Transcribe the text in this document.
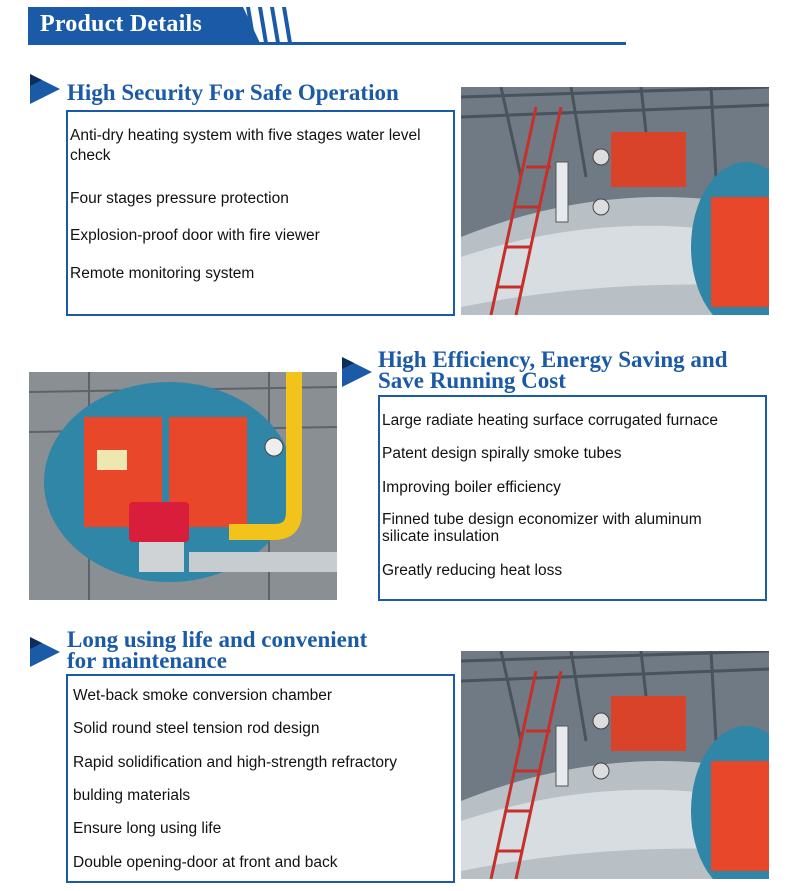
Product Details
High Security For Safe Operation
Anti-dry heating system with five stages water level check
Four stages pressure protection
Explosion-proof door with fire viewer
Remote monitoring system
High Efficiency, Energy Saving and
Save Running Cost
Large radiate heating surface corrugated furnace
Patent design spirally smoke tubes
Improving boiler efficiency
Finned tube design economizer with aluminum silicate insulation
Greatly reducing heat loss
Long using life and convenient
for maintenance
Wet-back smoke conversion chamber
Solid round steel tension rod design
Rapid solidification and high-strength refractory
bulding materials
Ensure long using life
Double opening-door at front and back
